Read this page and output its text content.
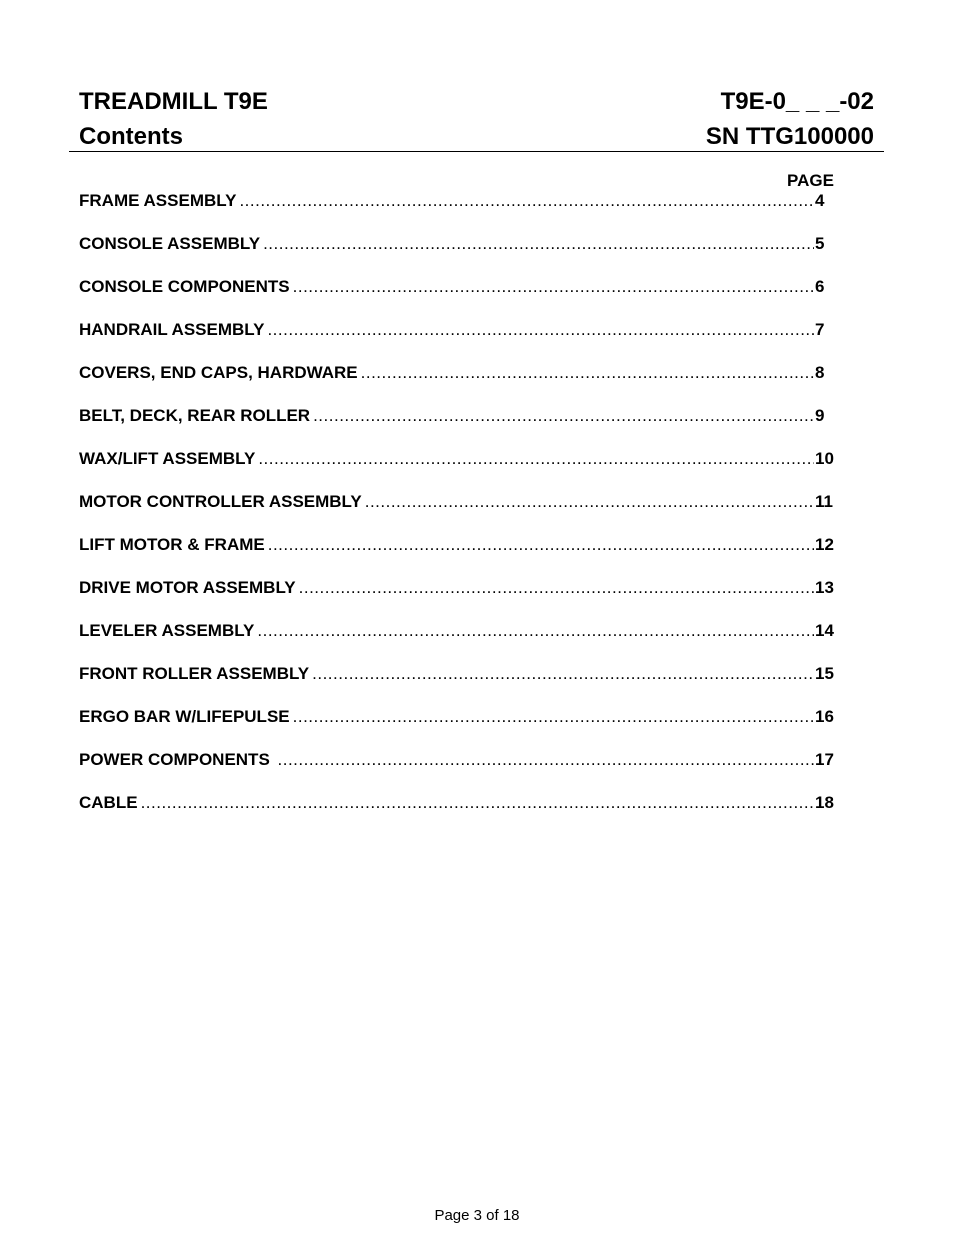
TREADMILL T9E
Contents
T9E-0_ _ _-02
SN TTG100000
PAGE
FRAME ASSEMBLY .....	4
CONSOLE ASSEMBLY .....	5
CONSOLE COMPONENTS .....	6
HANDRAIL ASSEMBLY .....	7
COVERS, END CAPS, HARDWARE .....	8
BELT, DECK, REAR ROLLER .....	9
WAX/LIFT ASSEMBLY .....	10
MOTOR CONTROLLER ASSEMBLY .....	11
LIFT MOTOR & FRAME .....	12
DRIVE MOTOR ASSEMBLY .....	13
LEVELER ASSEMBLY .....	14
FRONT ROLLER ASSEMBLY .....	15
ERGO BAR W/LIFEPULSE .....	16
POWER COMPONENTS .....	17
CABLE .....	18
Page 3 of 18
